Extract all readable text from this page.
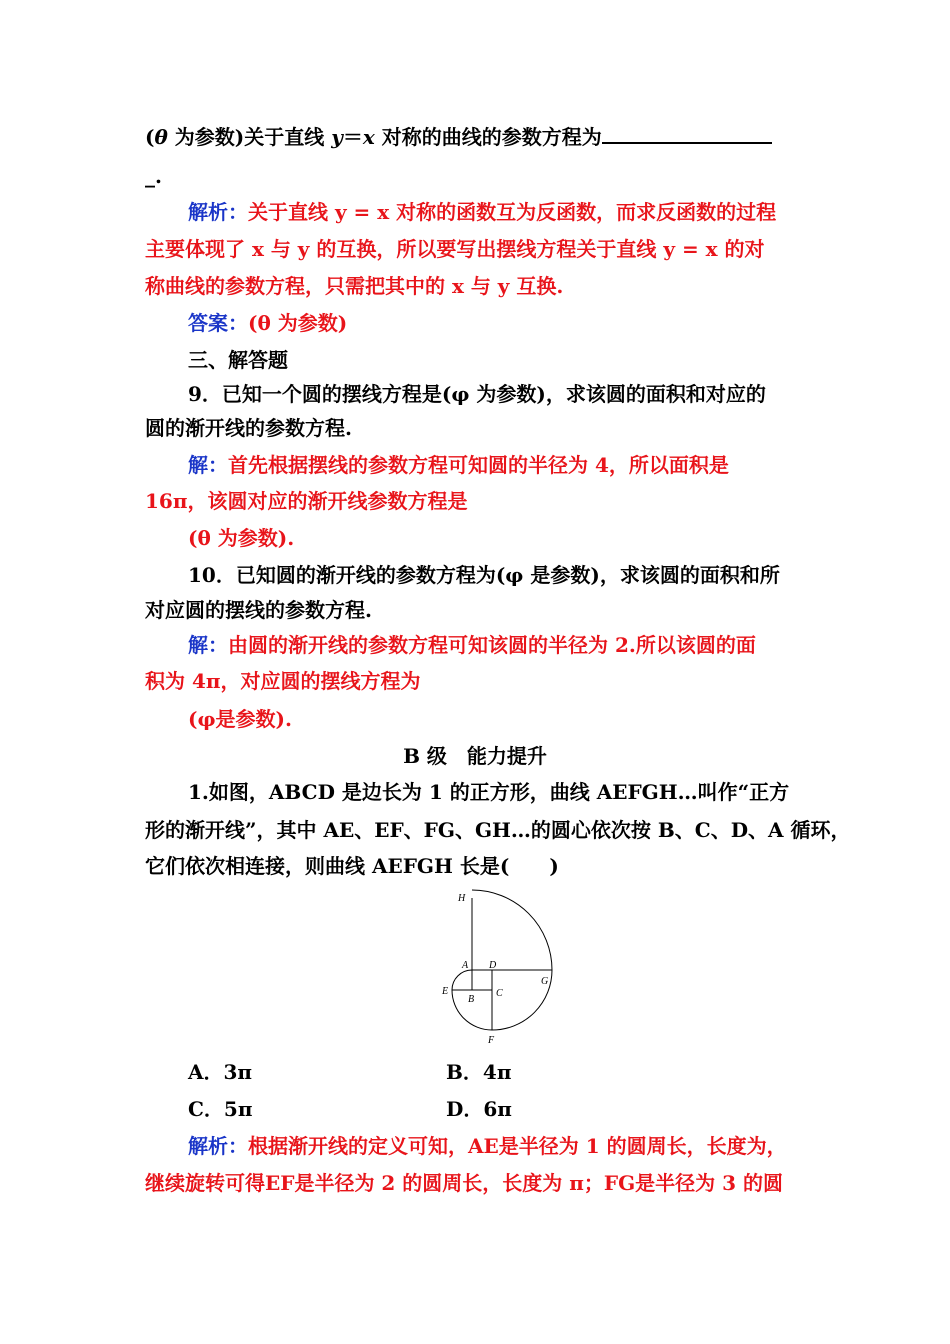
(θ 为参数)关于直线 y＝x 对称的曲线的参数方程为
_.
解析：关于直线 y = x 对称的函数互为反函数，而求反函数的过程
主要体现了 x 与 y 的互换，所以要写出摆线方程关于直线 y = x 的对
称曲线的参数方程，只需把其中的 x 与 y 互换.
答案：(θ 为参数)
三、解答题
9．已知一个圆的摆线方程是(φ 为参数)，求该圆的面积和对应的
圆的渐开线的参数方程.
解：首先根据摆线的参数方程可知圆的半径为 4，所以面积是
16π，该圆对应的渐开线参数方程是
(θ 为参数).
10．已知圆的渐开线的参数方程为(φ 是参数)，求该圆的面积和所
对应圆的摆线的参数方程.
解：由圆的渐开线的参数方程可知该圆的半径为 2.所以该圆的面
积为 4π，对应圆的摆线方程为
(φ是参数).
B 级　能力提升
1.如图，ABCD 是边长为 1 的正方形，曲线 AEFGH…叫作“正方
形的渐开线”，其中 AE、EF、FG、GH…的圆心依次按 B、C、D、A 循环，
它们依次相连接，则曲线 AEFGH 长是(　　)
H
A D
G
E
B
C
F
A．3π	B．4π
C．5π	D．6π
解析：根据渐开线的定义可知，AE是半径为 1 的圆周长，长度为，
继续旋转可得EF是半径为 2 的圆周长，长度为 π；FG是半径为 3 的圆
